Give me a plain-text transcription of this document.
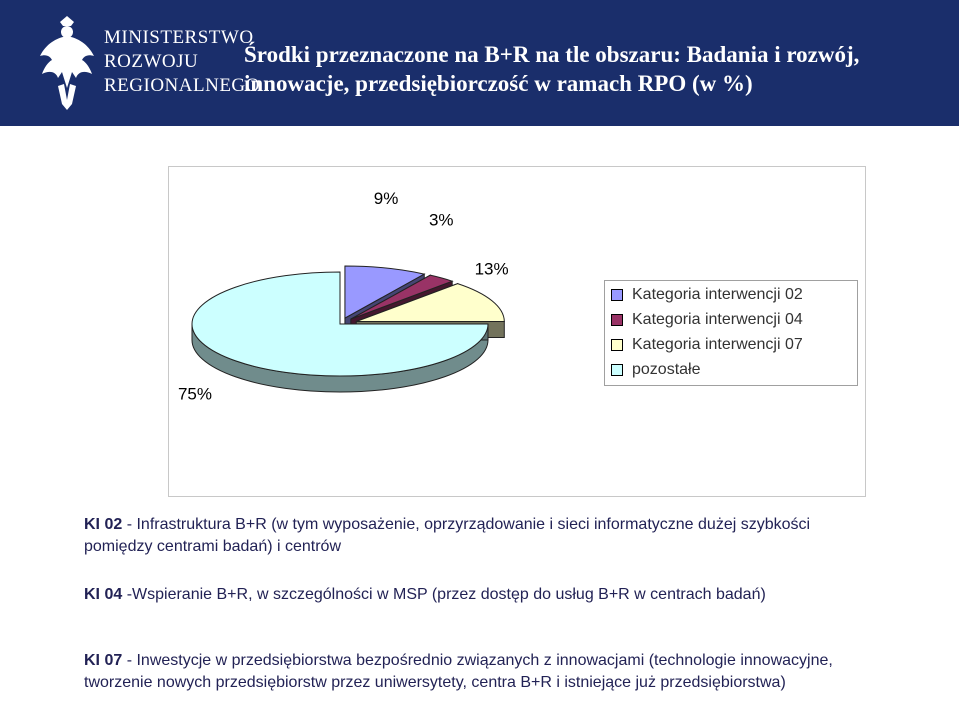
MINISTERSTWO
ROZWOJU
REGIONALNEGO
Środki przeznaczone na B+R na tle obszaru: Badania i rozwój, innowacje, przedsiębiorczość w ramach RPO (w %)
9%
3%
13%
75%
Kategoria interwencji 02
Kategoria interwencji 04
Kategoria interwencji 07
pozostałe
KI 02 - Infrastruktura B+R (w tym wyposażenie, oprzyrządowanie i sieci informatyczne dużej szybkości pomiędzy centrami badań) i centrów
KI 04 -Wspieranie B+R, w szczególności w MSP (przez dostęp do usług B+R w centrach badań)
KI 07 - Inwestycje w przedsiębiorstwa bezpośrednio związanych z innowacjami (technologie innowacyjne, tworzenie nowych przedsiębiorstw przez uniwersytety, centra B+R i istniejące już przedsiębiorstwa)
